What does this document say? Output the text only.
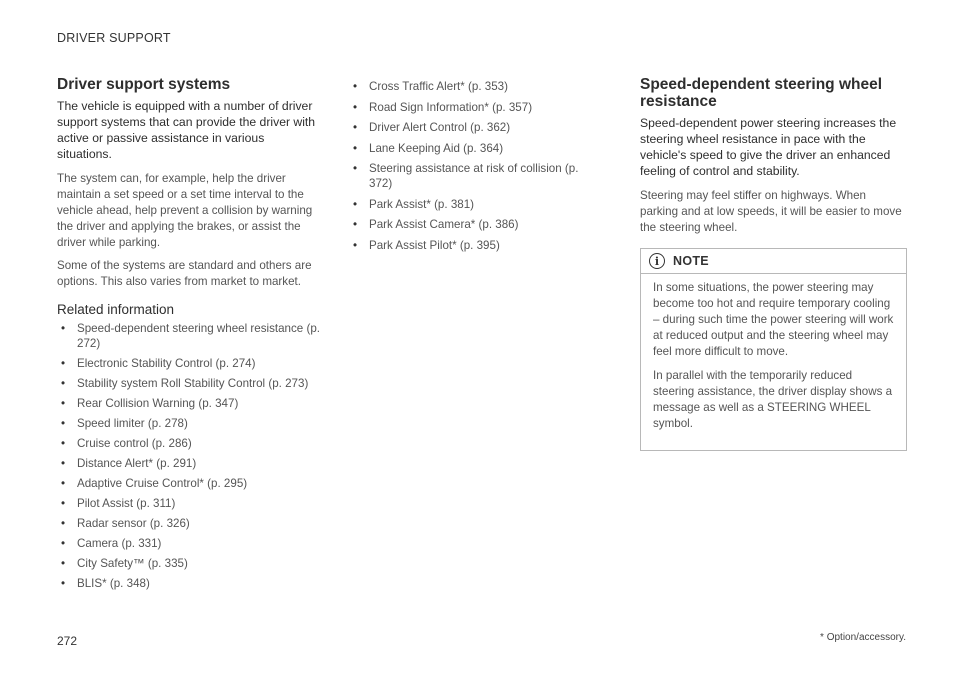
DRIVER SUPPORT
Driver support systems

The vehicle is equipped with a number of driver support systems that can provide the driver with active or passive assistance in various situations.

The system can, for example, help the driver maintain a set speed or a set time interval to the vehicle ahead, help prevent a collision by warning the driver and applying the brakes, or assist the driver while parking.

Some of the systems are standard and others are options. This also varies from market to market.

Related information
• Speed-dependent steering wheel resistance (p. 272)
• Electronic Stability Control (p. 274)
• Stability system Roll Stability Control (p. 273)
• Rear Collision Warning (p. 347)
• Speed limiter (p. 278)
• Cruise control (p. 286)
• Distance Alert* (p. 291)
• Adaptive Cruise Control* (p. 295)
• Pilot Assist (p. 311)
• Radar sensor (p. 326)
• Camera (p. 331)
• City Safety™ (p. 335)
• BLIS* (p. 348)
• Cross Traffic Alert* (p. 353)
• Road Sign Information* (p. 357)
• Driver Alert Control (p. 362)
• Lane Keeping Aid (p. 364)
• Steering assistance at risk of collision (p. 372)
• Park Assist* (p. 381)
• Park Assist Camera* (p. 386)
• Park Assist Pilot* (p. 395)
Speed-dependent steering wheel resistance

Speed-dependent power steering increases the steering wheel resistance in pace with the vehicle's speed to give the driver an enhanced feeling of control and stability.

Steering may feel stiffer on highways. When parking and at low speeds, it will be easier to move the steering wheel.

i	NOTE

In some situations, the power steering may become too hot and require temporary cooling – during such time the power steering will work at reduced output and the steering wheel may feel more difficult to move.

In parallel with the temporarily reduced steering assistance, the driver display shows a message as well as a STEERING WHEEL symbol.

272	* Option/accessory.
